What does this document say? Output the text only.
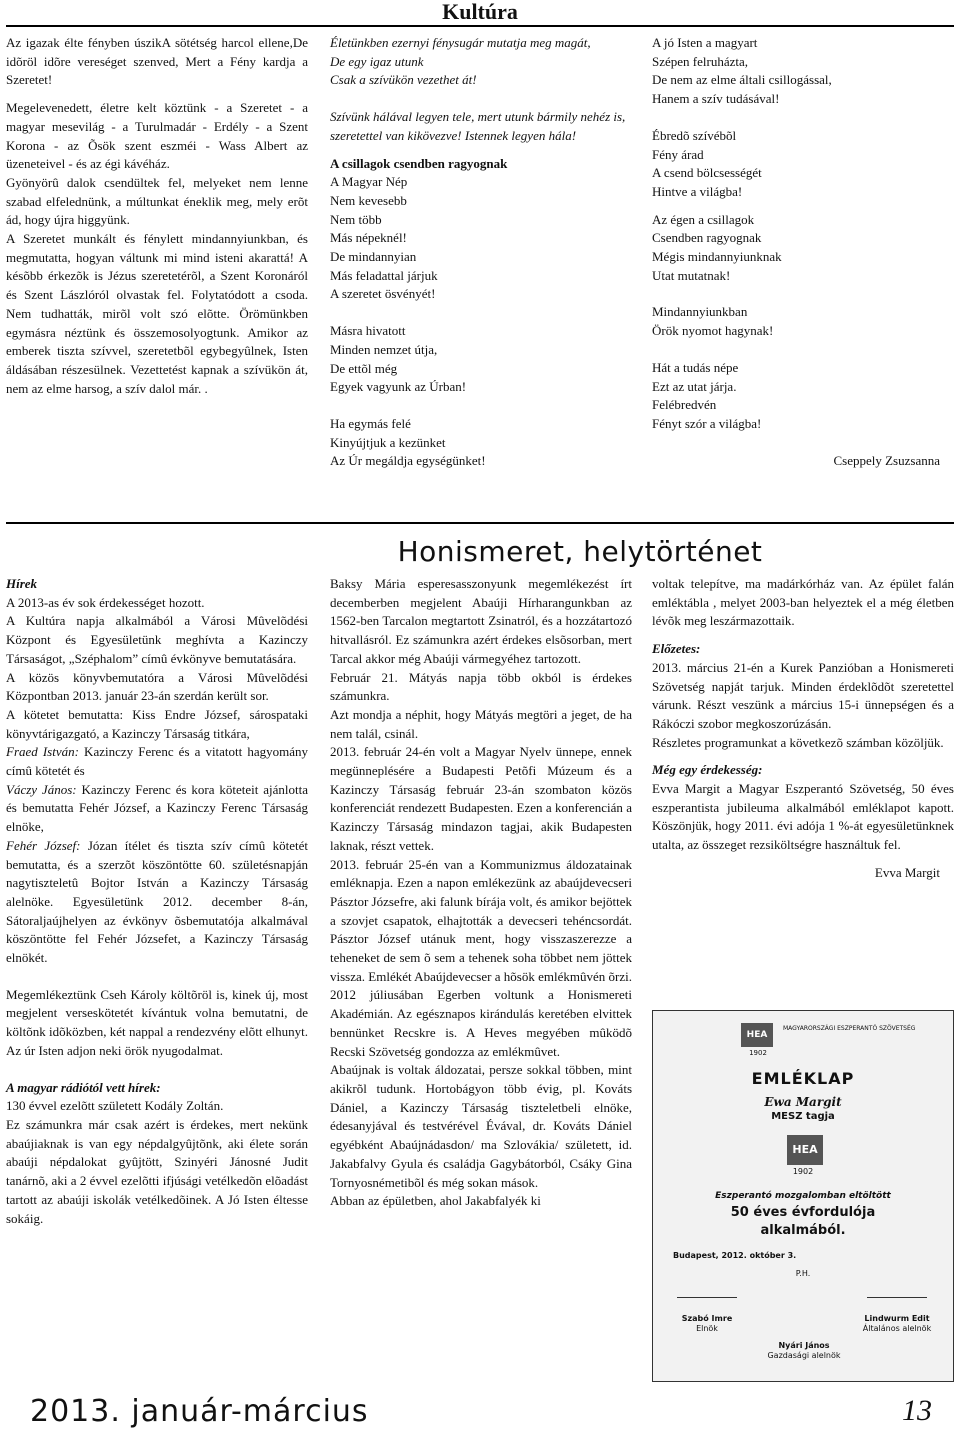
Kultúra

Az igazak élte fényben úszikA sötétség harcol ellene,De idõröl idõre vereséget szenved, Mert a Fény kardja a Szeretet!

Megelevenedett, életre kelt köztünk - a Szeretet - a magyar mesevilág - a Turulmadár - Erdély - a Szent Korona - az Õsök szent eszméi - Wass Albert az üzeneteivel - és az égi kávéház.

Gyönyörû dalok csendültek fel, melyeket nem lenne szabad elfelednünk, a múltunkat éneklik meg, mely erõt ád, hogy újra higgyünk.

A Szeretet munkált és fénylett mindannyiunkban, és megmutatta, hogyan váltunk mi mind isteni akarattá! A késõbb érkezõk is Jézus szeretetérõl, a Szent Koronáról és Szent Lászlóról olvastak fel. Folytatódott a csoda. Nem tudhatták, mirõl volt szó elõtte. Örömünkben egymásra néztünk és összemosolyogtunk. Amikor az emberek tiszta szívvel, szeretetbõl egybegyûlnek, Isten áldásában részesülnek. Vezettetést kapnak a szívükön át, nem az elme harsog, a szív dalol már. .

Életünkben ezernyi fénysugár mutatja meg magát,

De egy igaz utunk

Csak a szívükön vezethet át!

Szívünk hálával legyen tele, mert utunk bármily nehéz is, szeretettel van kikövezve! Istennek legyen hála!

A csillagok csendben ragyognak

A Magyar Nép

Nem kevesebb

Nem több

Más népeknél!

De mindannyian

Más feladattal járjuk

A szeretet ösvényét!

Másra hivatott

Minden nemzet útja,

De ettõl még

Egyek vagyunk az Úrban!

Ha egymás felé

Kinyújtjuk a kezünket

Az Úr megáldja egységünket!

A jó Isten a magyart

Szépen felruházta,

De nem az elme általi csillogással,

Hanem a szív tudásával!

Ébredõ szívébõl

Fény árad

A csend bölcsességét

Hintve a világba!

Az égen a csillagok

Csendben ragyognak

Mégis mindannyiunknak

Utat mutatnak!

Mindannyiunkban

Örök nyomot hagynak!

Hát a tudás népe

Ezt az utat járja.

Felébredvén

Fényt szór a világba!

Cseppely Zsuzsanna

Honismeret, helytörténet

Hírek

A 2013-as év sok érdekességet hozott.

A Kultúra napja alkalmából a Városi Mûvelõdési Központ és Egyesületünk meghívta a Kazinczy Társaságot, „Széphalom” címû évkönyve bemutatására.

A közös könyvbemutatóra a Városi Mûvelõdési Központban 2013. január 23-án szerdán került sor.

A kötetet bemutatta: Kiss Endre József, sárospataki könyvtárigazgató, a Kazinczy Társaság titkára,

Fraed István: Kazinczy Ferenc és a vitatott hagyomány címû kötetét és

Váczy János: Kazinczy Ferenc és kora köteteit ajánlotta és bemutatta Fehér József, a Kazinczy Ferenc Társaság elnöke,

Fehér József: Józan ítélet és tiszta szív címû kötetét bemutatta, és a szerzõt köszöntötte 60. születésnapján nagytiszteletû Bojtor István a Kazinczy Társaság alelnöke. Egyesületünk 2012. december 8-án, Sátoraljaújhelyen az évkönyv õsbemutatója alkalmával köszöntötte fel Fehér Józsefet, a Kazinczy Társaság elnökét.

Megemlékeztünk Cseh Károly költõröl is, kinek új, most megjelent verseskötetét kívántuk volna bemutatni, de költõnk idõközben, két nappal a rendezvény elõtt elhunyt. Az úr Isten adjon neki örök nyugodalmat.

A magyar rádiótól vett hírek:

130 évvel ezelõtt született Kodály Zoltán.

Ez számunkra már csak azért is érdekes, mert nekünk abaújiaknak is van egy népdalgyûjtõnk, aki élete során abaúji népdalokat gyûjtött, Szinyéri Jánosné Judit tanárnõ, aki a 2 évvel ezelõtti ifjúsági vetélkedõn elõadást tartott az abaúji iskolák vetélkedõinek. A Jó Isten éltesse sokáig.

Baksy Mária esperesasszonyunk megemlékezést írt decemberben megjelent Abaúji Hírharangunkban az 1562-ben Tarcalon megtartott Zsinatról, és a hozzátartozó hitvallásról. Ez számunkra azért érdekes elsõsorban, mert Tarcal akkor még Abaúji vármegyéhez tartozott.

Február 21. Mátyás napja több okból is érdekes számunkra.

Azt mondja a néphit, hogy Mátyás megtöri a jeget, de ha nem talál, csinál.

2013. február 24-én volt a Magyar Nyelv ünnepe, ennek megünneplésére a Budapesti Petõfi Múzeum és a Kazinczy Társaság február 23-án szombaton közös konferenciát rendezett Budapesten. Ezen a konferencián a Kazinczy Társaság mindazon tagjai, akik Budapesten laknak, részt vettek.

2013. február 25-én van a Kommunizmus áldozatainak emléknapja. Ezen a napon emlékezünk az abaújdevecseri Pásztor Józsefre, aki falunk bírája volt, és amikor bejöttek a szovjet csapatok, elhajtották a devecseri tehéncsordát. Pásztor József utánuk ment, hogy visszaszerezze a teheneket de sem õ sem a tehenek soha többet nem jöttek vissza. Emlékét Abaújdevecser a hõsök emlékmûvén õrzi. 2012 júliusában Egerben voltunk a Honismereti Akadémián. Az egésznapos kirándulás keretében elvittek bennünket Recskre is. A Heves megyében mûködõ Recski Szövetség gondozza az emlékmûvet.

Abaújnak is voltak áldozatai, persze sokkal többen, mint akikrõl tudunk. Hortobágyon több évig, pl. Kováts Dániel, a Kazinczy Társaság tiszteletbeli elnöke, édesanyjával és testvérével Évával, dr. Kováts Dániel egyébként Abaújnádasdon/ ma Szlovákia/ született, id. Jakabfalvy Gyula és családja Gagybátorból, Csáky Gina Tornyosnémetibõl és még sokan mások.

Abban az épületben, ahol Jakabfalyék ki

voltak telepítve, ma madárkórház van. Az épület falán emléktábla , melyet 2003-ban helyeztek el a még életben lévõk meg leszármazottaik.

Előzetes:

2013. március 21-én a Kurek Panzióban a Honismereti Szövetség napját tarjuk. Minden érdeklõdõt szeretettel várunk. Részt veszünk a március 15-i ünnepségen és a Rákóczi szobor megkoszorúzásán.

Részletes programunkat a következõ számban közöljük.

Még egy érdekesség:

Evva Margit a Magyar Eszperantó Szövetség, 50 éves eszperantista jubileuma alkalmából emléklapot kapott. Köszönjük, hogy 2011. évi adója 1 %-át egyesületünknek utalta, az összeget rezsiköltségre használtuk fel.

Evva Margit

HEA
1902
MAGYARORSZÁGI ESZPERANTÓ SZÖVETSÉG
EMLÉKLAP
Ewa Margit
MESZ tagja
HEA
1902
Eszperantó mozgalomban eltöltött
50 éves évfordulója
alkalmából.
Budapest, 2012. október 3.
P.H.
Szabó Imre
Elnök
Lindwurm Edit
Általános alelnök
Nyári János
Gazdasági alelnök
2013. január-március	13
